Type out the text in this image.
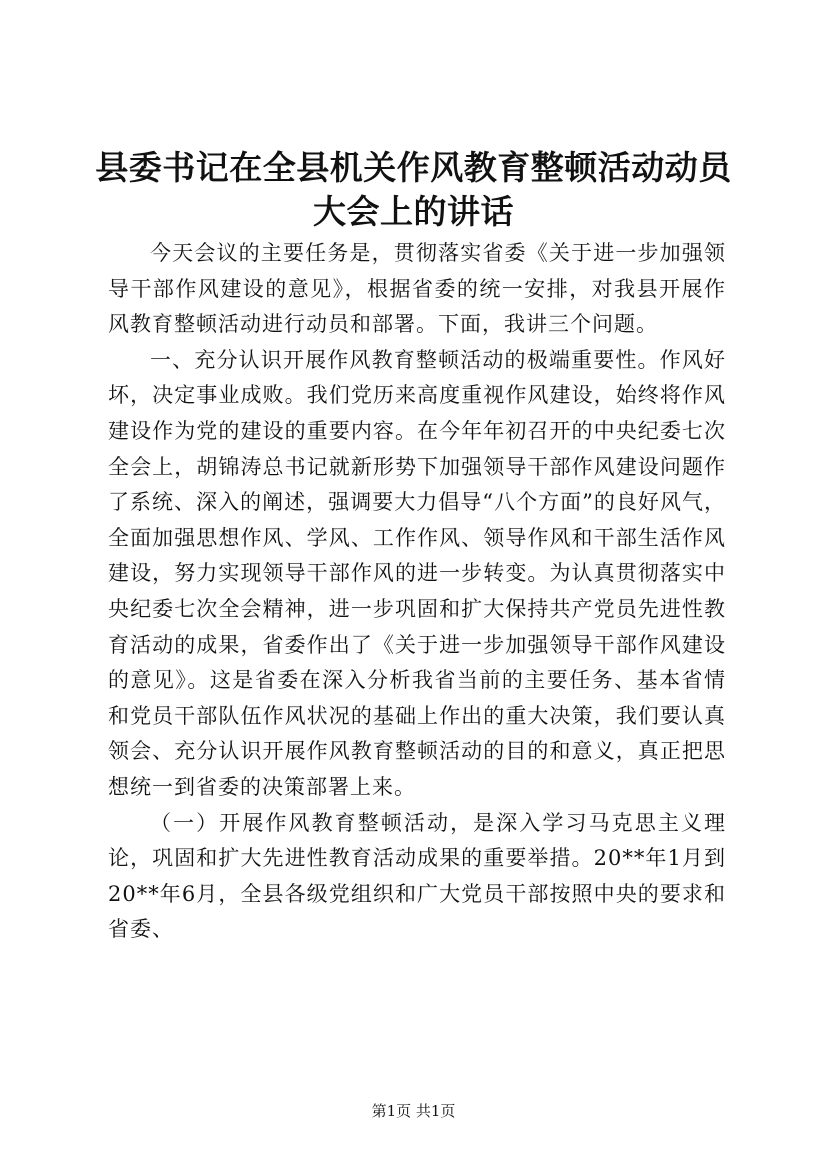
县委书记在全县机关作风教育整顿活动动员大会上的讲话

今天会议的主要任务是，贯彻落实省委《关于进一步加强领导干部作风建设的意见》，根据省委的统一安排，对我县开展作风教育整顿活动进行动员和部署。下面，我讲三个问题。

一、充分认识开展作风教育整顿活动的极端重要性。作风好坏，决定事业成败。我们党历来高度重视作风建设，始终将作风建设作为党的建设的重要内容。在今年年初召开的中央纪委七次全会上，胡锦涛总书记就新形势下加强领导干部作风建设问题作了系统、深入的阐述，强调要大力倡导“八个方面”的良好风气，全面加强思想作风、学风、工作作风、领导作风和干部生活作风建设，努力实现领导干部作风的进一步转变。为认真贯彻落实中央纪委七次全会精神，进一步巩固和扩大保持共产党员先进性教育活动的成果，省委作出了《关于进一步加强领导干部作风建设的意见》。这是省委在深入分析我省当前的主要任务、基本省情和党员干部队伍作风状况的基础上作出的重大决策，我们要认真领会、充分认识开展作风教育整顿活动的目的和意义，真正把思想统一到省委的决策部署上来。

（一）开展作风教育整顿活动，是深入学习马克思主义理论，巩固和扩大先进性教育活动成果的重要举措。20**年1月到20**年6月，全县各级党组织和广大党员干部按照中央的要求和省委、

第1页 共1页
